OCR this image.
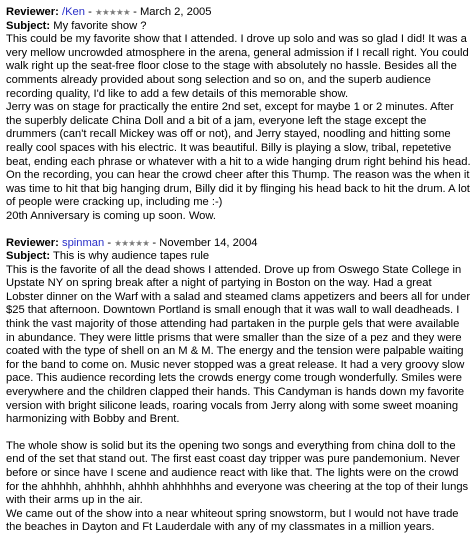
Reviewer: /Ken - ★★★★★ - March 2, 2005
Subject: My favorite show ?

This could be my favorite show that I attended. I drove up solo and was so glad I did! It was a very mellow uncrowded atmosphere in the arena, general admission if I recall right. You could walk right up the seat-free floor close to the stage with absolutely no hassle. Besides all the comments already provided about song selection and so on, and the superb audience recording quality, I'd like to add a few details of this memorable show.

Jerry was on stage for practically the entire 2nd set, except for maybe 1 or 2 minutes. After the superbly delicate China Doll and a bit of a jam, everyone left the stage except the drummers (can't recall Mickey was off or not), and Jerry stayed, noodling and hitting some really cool spaces with his electric. It was beautiful. Billy is playing a slow, tribal, repetetive beat, ending each phrase or whatever with a hit to a wide hanging drum right behind his head. On the recording, you can hear the crowd cheer after this Thump. The reason was the when it was time to hit that big hanging drum, Billy did it by flinging his head back to hit the drum. A lot of people were cracking up, including me :-)

20th Anniversary is coming up soon. Wow.

Reviewer: spinman - ★★★★★ - November 14, 2004
Subject: This is why audience tapes rule

This is the favorite of all the dead shows I attended. Drove up from Oswego State College in Upstate NY on spring break after a night of partying in Boston on the way. Had a great Lobster dinner on the Warf with a salad and steamed clams appetizers and beers all for under $25 that afternoon. Downtown Portland is small enough that it was wall to wall deadheads. I think the vast majority of those attending had partaken in the purple gels that were available in abundance. They were little prisms that were smaller than the size of a pez and they were coated with the type of shell on an M & M. The energy and the tension were palpable waiting for the band to come on. Music never stopped was a great release. It had a very groovy slow pace. This audience recording lets the crowds energy come trough wonderfully. Smiles were everywhere and the children clapped their hands. This Candyman is hands down my favorite version with bright silicone leads, roaring vocals from Jerry along with some sweet moaning harmonizing with Bobby and Brent.

The whole show is solid but its the opening two songs and everything from china doll to the end of the set that stand out. The first east coast day tripper was pure pandemonium. Never before or since have I scene and audience react with like that. The lights were on the crowd for the ahhhhh, ahhhhh, ahhhh ahhhhhhs and everyone was cheering at the top of their lungs with their arms up in the air.

We came out of the show into a near whiteout spring snowstorm, but I would not have trade the beaches in Dayton and Ft Lauderdale with any of my classmates in a million years.
